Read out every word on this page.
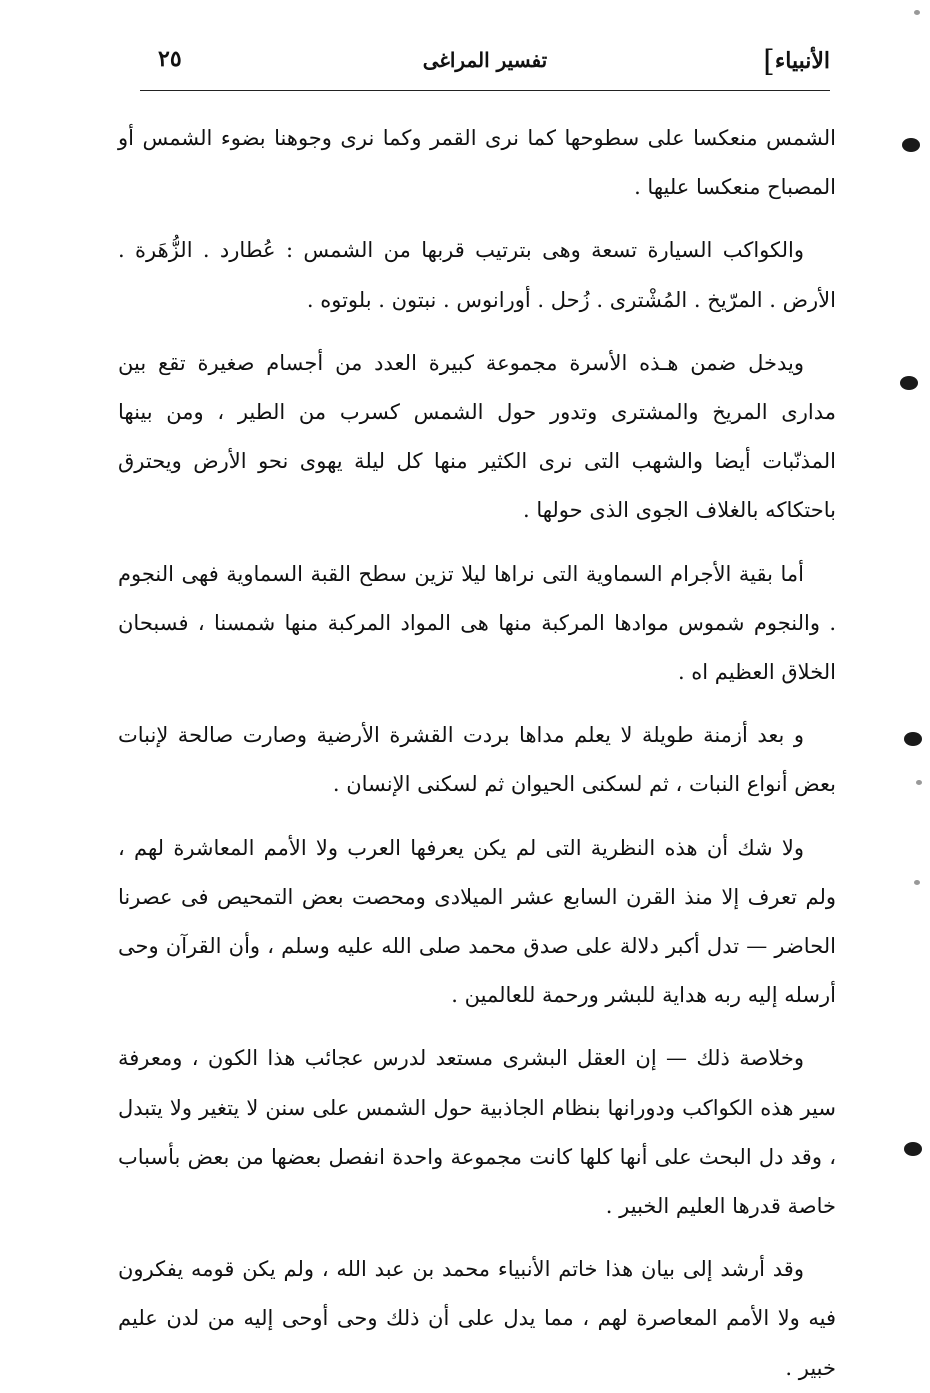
الأنبياء]
تفسير المراغى
٢٥

الشمس منعكسا على سطوحها كما نرى القمر وكما نرى وجوهنا بضوء الشمس أو المصباح منعكسا عليها .

والكواكب السيارة تسعة وهى بترتيب قربها من الشمس : عُطارد . الزُّهَرة . الأرض . المرّيخ . المُشْترى . زُحل . أورانوس . نبتون . بلوتوه .

ويدخل ضمن هـذه الأسرة مجموعة كبيرة العدد من أجسام صغيرة تقع بين مدارى المريخ والمشترى وتدور حول الشمس كسرب من الطير ، ومن بينها المذنّبات أيضا والشهب التى نرى الكثير منها كل ليلة يهوى نحو الأرض ويحترق باحتكاكه بالغلاف الجوى الذى حولها .

أما بقية الأجرام السماوية التى نراها ليلا تزين سطح القبة السماوية فهى النجوم . والنجوم شموس موادها المركبة منها هى المواد المركبة منها شمسنا ، فسبحان الخلاق العظيم اه .

و بعد أزمنة طويلة لا يعلم مداها بردت القشرة الأرضية وصارت صالحة لإنبات بعض أنواع النبات ، ثم لسكنى الحيوان ثم لسكنى الإنسان .

ولا شك أن هذه النظرية التى لم يكن يعرفها العرب ولا الأمم المعاشرة لهم ، ولم تعرف إلا منذ القرن السابع عشر الميلادى ومحصت بعض التمحيص فى عصرنا الحاضر — تدل أكبر دلالة على صدق محمد صلى الله عليه وسلم ، وأن القرآن وحى أرسله إليه ربه هداية للبشر ورحمة للعالمين .

وخلاصة ذلك — إن العقل البشرى مستعد لدرس عجائب هذا الكون ، ومعرفة سير هذه الكواكب ودورانها بنظام الجاذبية حول الشمس على سنن لا يتغير ولا يتبدل ، وقد دل البحث على أنها كلها كانت مجموعة واحدة انفصل بعضها من بعض بأسباب خاصة قدرها العليم الخبير .

وقد أرشد إلى بيان هذا خاتم الأنبياء محمد بن عبد الله ، ولم يكن قومه يفكرون فيه ولا الأمم المعاصرة لهم ، مما يدل على أن ذلك وحى أوحى إليه من لدن عليم خبير .
